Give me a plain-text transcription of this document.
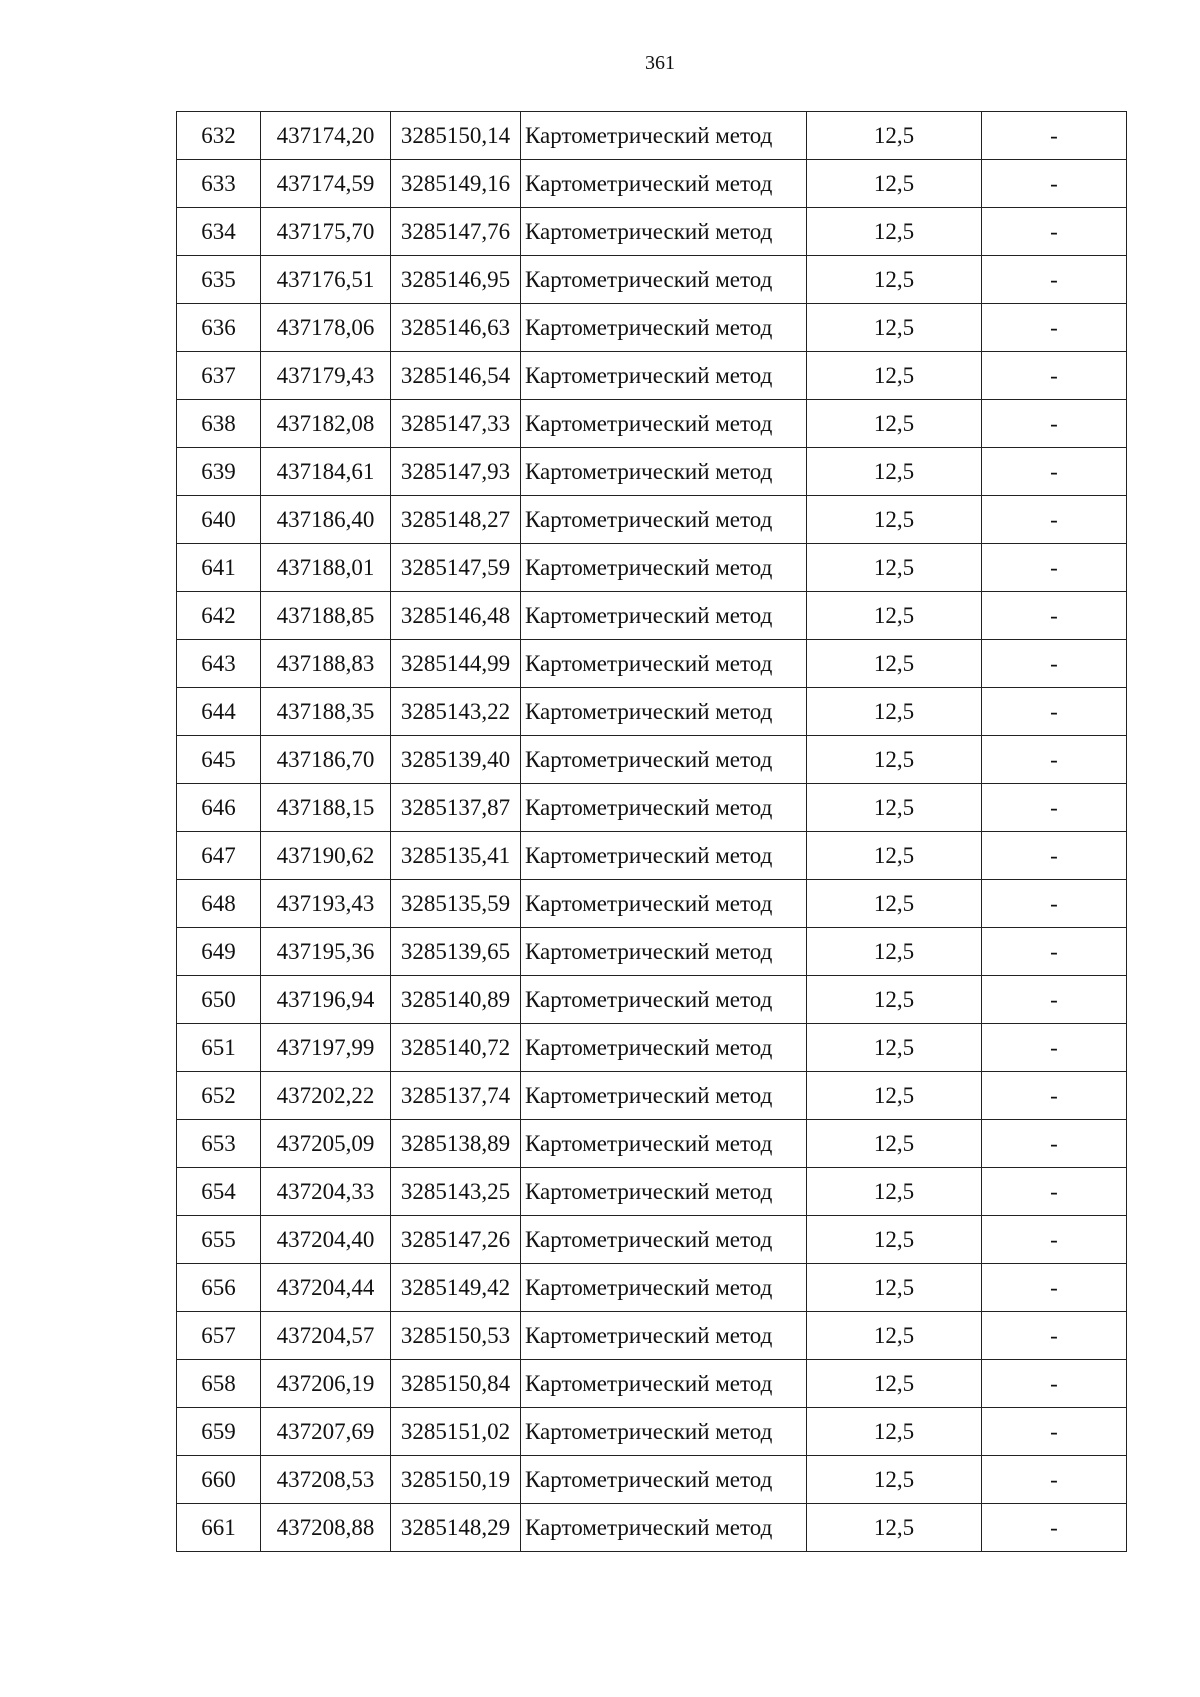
361
632	437174,20	3285150,14	Картометрический метод	12,5	-
633	437174,59	3285149,16	Картометрический метод	12,5	-
634	437175,70	3285147,76	Картометрический метод	12,5	-
635	437176,51	3285146,95	Картометрический метод	12,5	-
636	437178,06	3285146,63	Картометрический метод	12,5	-
637	437179,43	3285146,54	Картометрический метод	12,5	-
638	437182,08	3285147,33	Картометрический метод	12,5	-
639	437184,61	3285147,93	Картометрический метод	12,5	-
640	437186,40	3285148,27	Картометрический метод	12,5	-
641	437188,01	3285147,59	Картометрический метод	12,5	-
642	437188,85	3285146,48	Картометрический метод	12,5	-
643	437188,83	3285144,99	Картометрический метод	12,5	-
644	437188,35	3285143,22	Картометрический метод	12,5	-
645	437186,70	3285139,40	Картометрический метод	12,5	-
646	437188,15	3285137,87	Картометрический метод	12,5	-
647	437190,62	3285135,41	Картометрический метод	12,5	-
648	437193,43	3285135,59	Картометрический метод	12,5	-
649	437195,36	3285139,65	Картометрический метод	12,5	-
650	437196,94	3285140,89	Картометрический метод	12,5	-
651	437197,99	3285140,72	Картометрический метод	12,5	-
652	437202,22	3285137,74	Картометрический метод	12,5	-
653	437205,09	3285138,89	Картометрический метод	12,5	-
654	437204,33	3285143,25	Картометрический метод	12,5	-
655	437204,40	3285147,26	Картометрический метод	12,5	-
656	437204,44	3285149,42	Картометрический метод	12,5	-
657	437204,57	3285150,53	Картометрический метод	12,5	-
658	437206,19	3285150,84	Картометрический метод	12,5	-
659	437207,69	3285151,02	Картометрический метод	12,5	-
660	437208,53	3285150,19	Картометрический метод	12,5	-
661	437208,88	3285148,29	Картометрический метод	12,5	-
